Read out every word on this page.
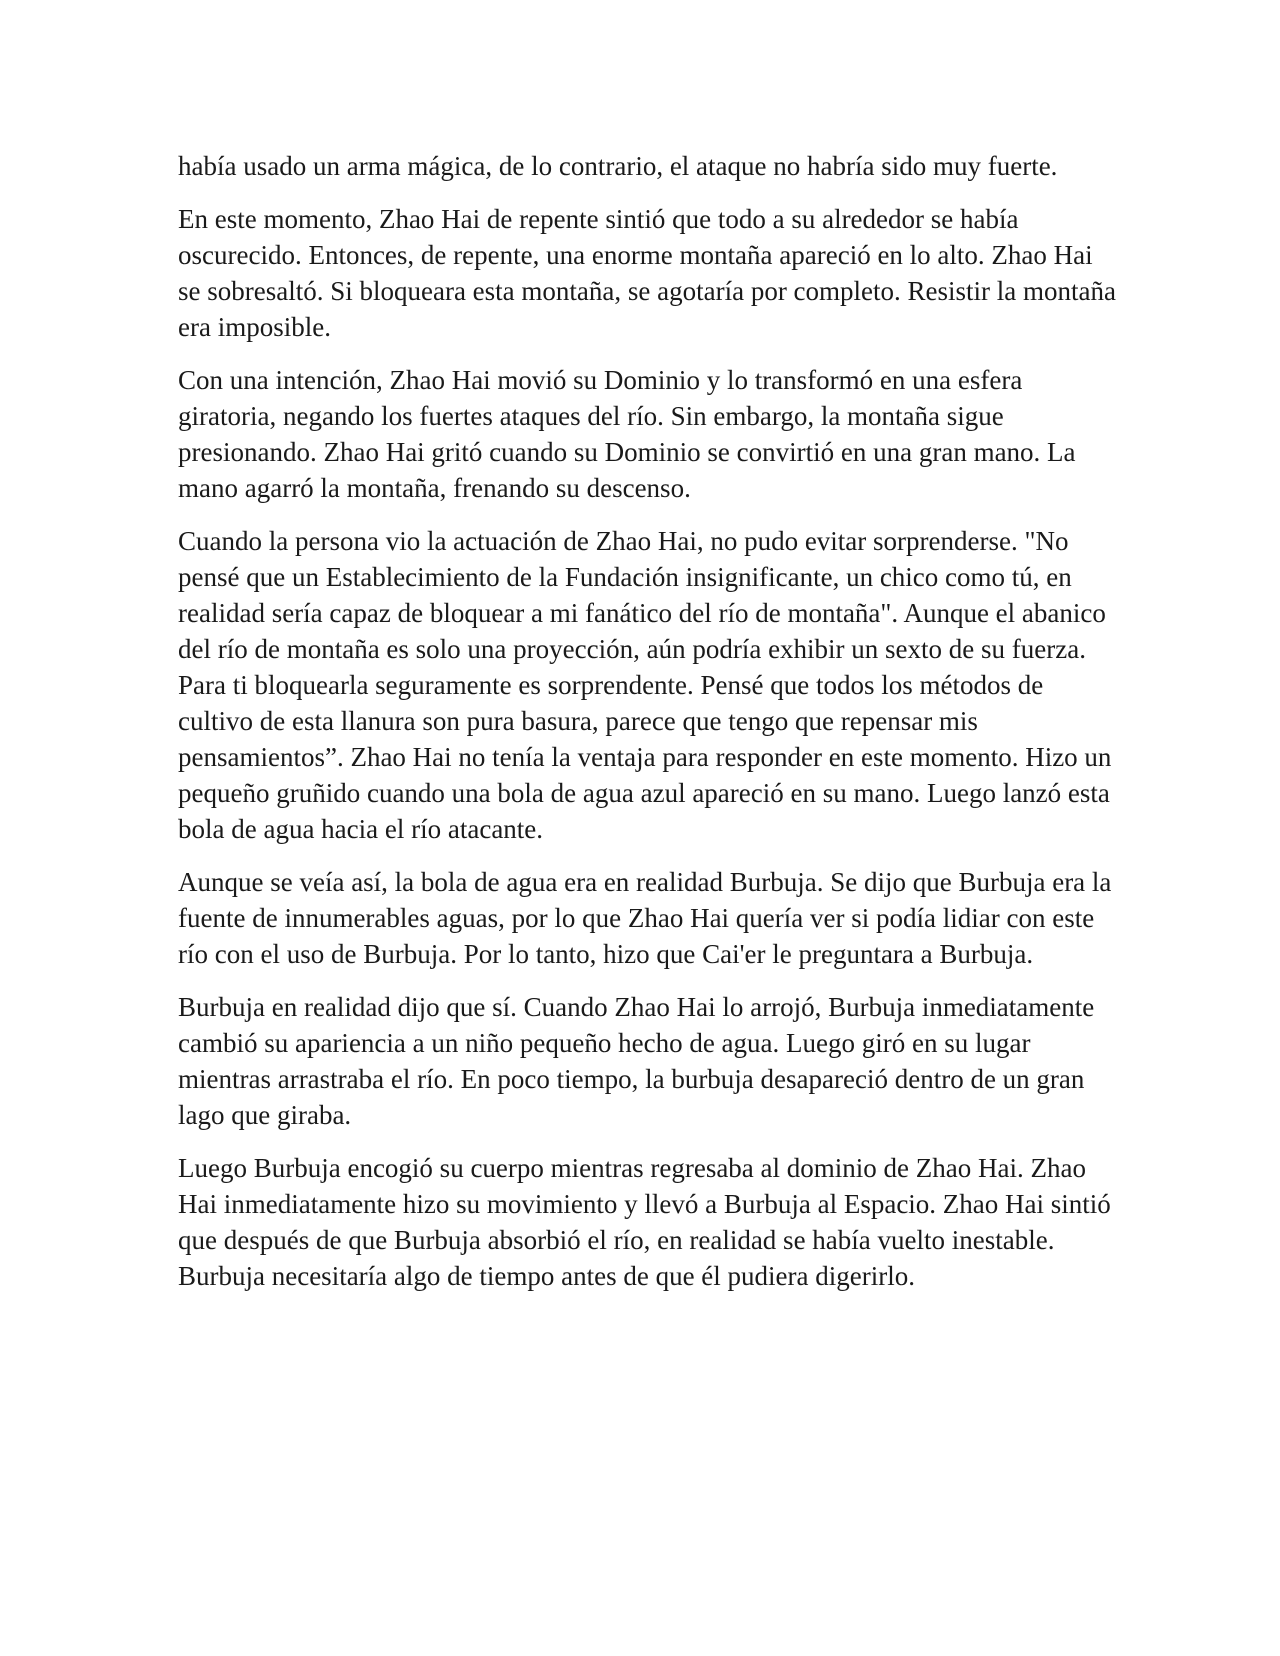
había usado un arma mágica, de lo contrario, el ataque no habría sido muy fuerte.

En este momento, Zhao Hai de repente sintió que todo a su alrededor se había oscurecido. Entonces, de repente, una enorme montaña apareció en lo alto. Zhao Hai se sobresaltó. Si bloqueara esta montaña, se agotaría por completo. Resistir la montaña era imposible.

Con una intención, Zhao Hai movió su Dominio y lo transformó en una esfera giratoria, negando los fuertes ataques del río. Sin embargo, la montaña sigue presionando. Zhao Hai gritó cuando su Dominio se convirtió en una gran mano. La mano agarró la montaña, frenando su descenso.

Cuando la persona vio la actuación de Zhao Hai, no pudo evitar sorprenderse. "No pensé que un Establecimiento de la Fundación insignificante, un chico como tú, en realidad sería capaz de bloquear a mi fanático del río de montaña". Aunque el abanico del río de montaña es solo una proyección, aún podría exhibir un sexto de su fuerza. Para ti bloquearla seguramente es sorprendente. Pensé que todos los métodos de cultivo de esta llanura son pura basura, parece que tengo que repensar mis pensamientos”. Zhao Hai no tenía la ventaja para responder en este momento. Hizo un pequeño gruñido cuando una bola de agua azul apareció en su mano. Luego lanzó esta bola de agua hacia el río atacante.

Aunque se veía así, la bola de agua era en realidad Burbuja. Se dijo que Burbuja era la fuente de innumerables aguas, por lo que Zhao Hai quería ver si podía lidiar con este río con el uso de Burbuja. Por lo tanto, hizo que Cai'er le preguntara a Burbuja.

Burbuja en realidad dijo que sí. Cuando Zhao Hai lo arrojó, Burbuja inmediatamente cambió su apariencia a un niño pequeño hecho de agua. Luego giró en su lugar mientras arrastraba el río. En poco tiempo, la burbuja desapareció dentro de un gran lago que giraba.

Luego Burbuja encogió su cuerpo mientras regresaba al dominio de Zhao Hai. Zhao Hai inmediatamente hizo su movimiento y llevó a Burbuja al Espacio. Zhao Hai sintió que después de que Burbuja absorbió el río, en realidad se había vuelto inestable. Burbuja necesitaría algo de tiempo antes de que él pudiera digerirlo.
